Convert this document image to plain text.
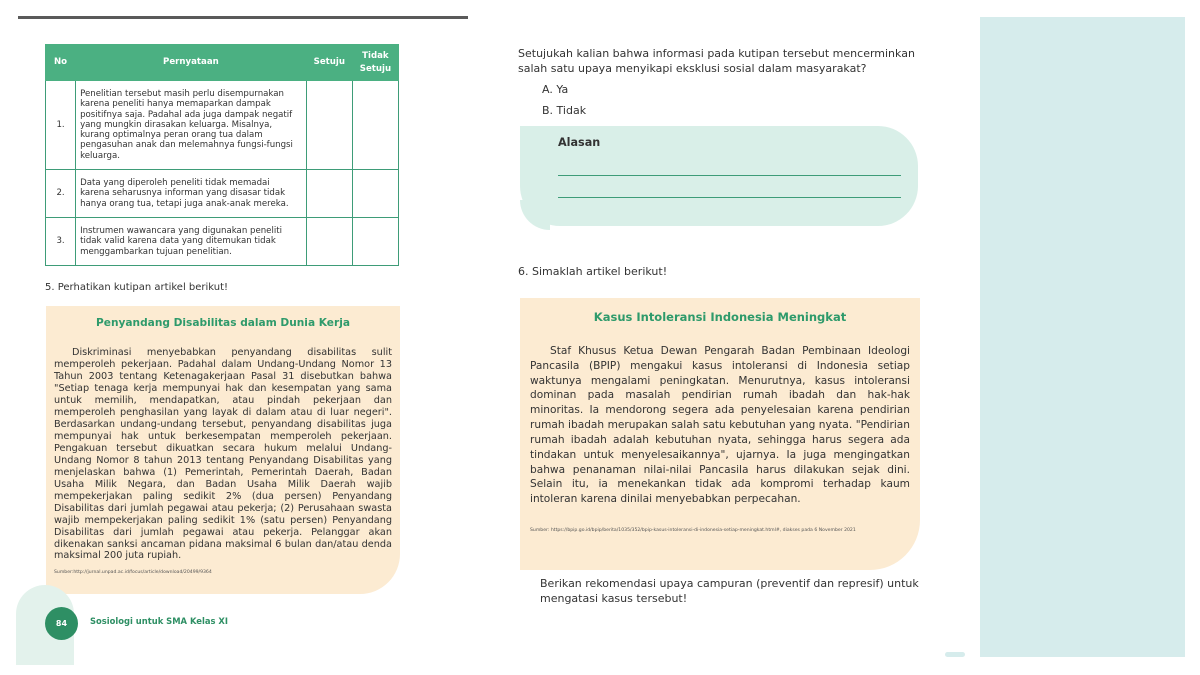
No	Pernyataan	Setuju	Tidak Setuju
1.	Penelitian tersebut masih perlu disempurnakan karena peneliti hanya memaparkan dampak positifnya saja. Padahal ada juga dampak negatif yang mungkin dirasakan keluarga. Misalnya, kurang optimalnya peran orang tua dalam pengasuhan anak dan melemahnya fungsi-fungsi keluarga.		
2.	Data yang diperoleh peneliti tidak memadai karena seharusnya informan yang disasar tidak hanya orang tua, tetapi juga anak-anak mereka.		
3.	Instrumen wawancara yang digunakan peneliti tidak valid karena data yang ditemukan tidak menggambarkan tujuan penelitian.		
5. Perhatikan kutipan artikel berikut!
Penyandang Disabilitas dalam Dunia Kerja

Diskriminasi menyebabkan penyandang disabilitas sulit memperoleh pekerjaan. Padahal dalam Undang-Undang Nomor 13 Tahun 2003 tentang Ketenagakerjaan Pasal 31 disebutkan bahwa "Setiap tenaga kerja mempunyai hak dan kesempatan yang sama untuk memilih, mendapatkan, atau pindah pekerjaan dan memperoleh penghasilan yang layak di dalam atau di luar negeri". Berdasarkan undang-undang tersebut, penyandang disabilitas juga mempunyai hak untuk berkesempatan memperoleh pekerjaan. Pengakuan tersebut dikuatkan secara hukum melalui Undang-Undang Nomor 8 tahun 2013 tentang Penyandang Disabilitas yang menjelaskan bahwa (1) Pemerintah, Pemerintah Daerah, Badan Usaha Milik Negara, dan Badan Usaha Milik Daerah wajib mempekerjakan paling sedikit 2% (dua persen) Penyandang Disabilitas dari jumlah pegawai atau pekerja; (2) Perusahaan swasta wajib mempekerjakan paling sedikit 1% (satu persen) Penyandang Disabilitas dari jumlah pegawai atau pekerja. Pelanggar akan dikenakan sanksi ancaman pidana maksimal 6 bulan dan/atau denda maksimal 200 juta rupiah.

Sumber:http://jurnal.unpad.ac.id/focus/article/download/20499/9364
84	Sosiologi untuk SMA Kelas XI
Setujukah kalian bahwa informasi pada kutipan tersebut mencerminkan salah satu upaya menyikapi eksklusi sosial dalam masyarakat?
A. Ya
B. Tidak
Alasan
6. Simaklah artikel berikut!
Kasus Intoleransi Indonesia Meningkat

Staf Khusus Ketua Dewan Pengarah Badan Pembinaan Ideologi Pancasila (BPIP) mengakui kasus intoleransi di Indonesia setiap waktunya mengalami peningkatan. Menurutnya, kasus intoleransi dominan pada masalah pendirian rumah ibadah dan hak-hak minoritas. Ia mendorong segera ada penyelesaian karena pendirian rumah ibadah merupakan salah satu kebutuhan yang nyata. "Pendirian rumah ibadah adalah kebutuhan nyata, sehingga harus segera ada tindakan untuk menyelesaikannya", ujarnya. Ia juga mengingatkan bahwa penanaman nilai-nilai Pancasila harus dilakukan sejak dini. Selain itu, ia menekankan tidak ada kompromi terhadap kaum intoleran karena dinilai menyebabkan perpecahan.

Sumber: https://bpip.go.id/bpip/berita/1035/352/bpip-kasus-intoleransi-di-indonesia-setiap-meningkat.html#, diakses pada 6 November 2021
Berikan rekomendasi upaya campuran (preventif dan represif) untuk mengatasi kasus tersebut!
